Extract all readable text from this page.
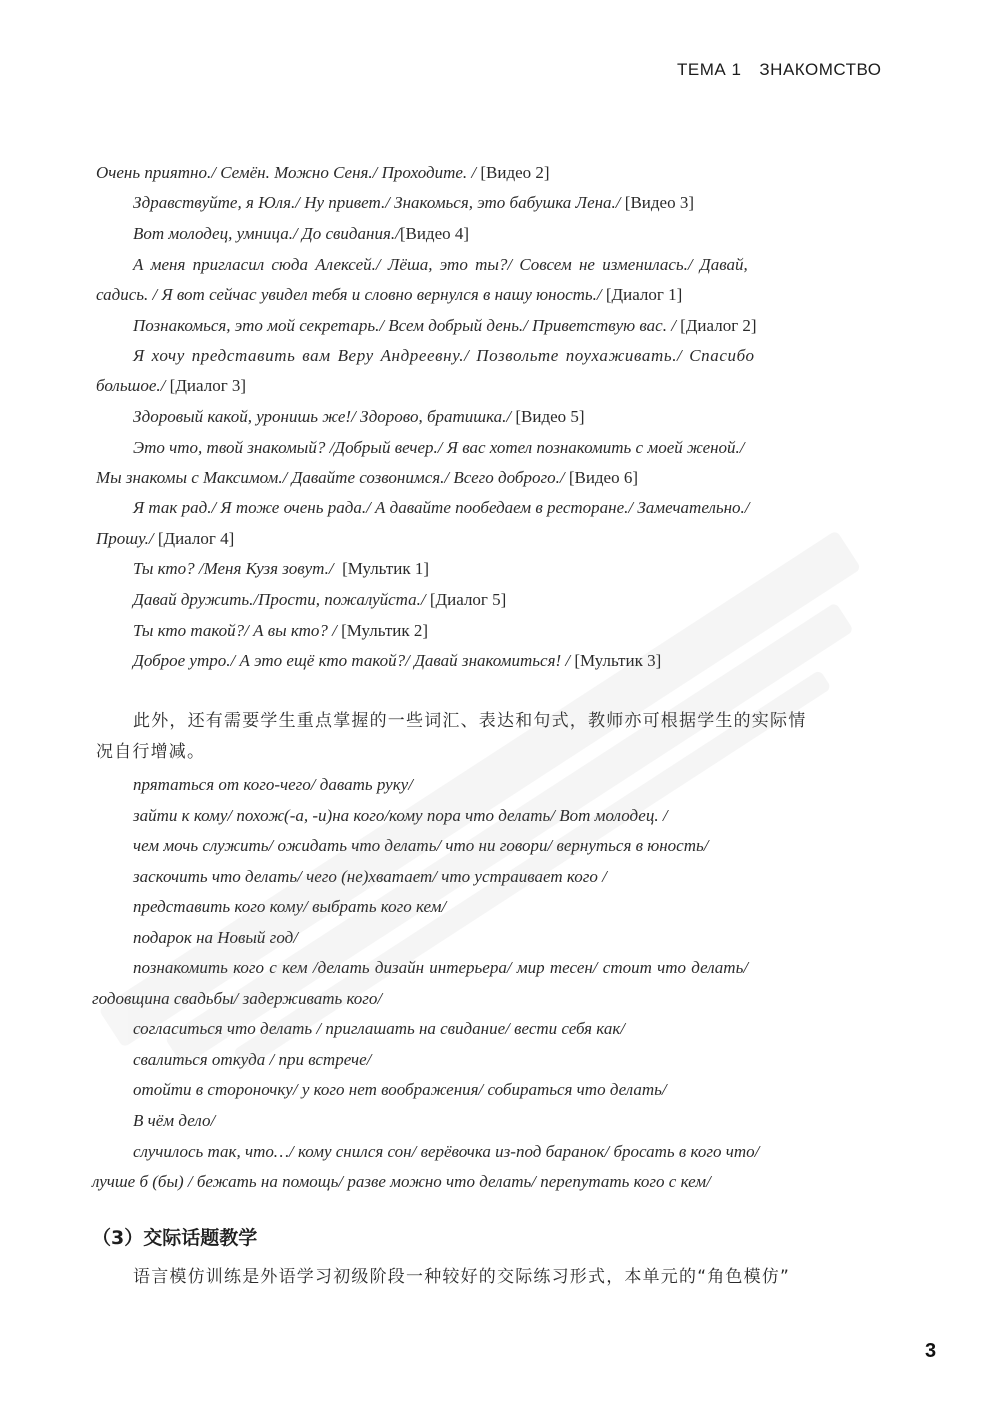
ТЕМА 1 ЗНАКОМСТВО
Очень приятно./ Семён. Можно Сеня./ Проходите. / [Видео 2]
Здравствуйте, я Юля./ Ну привет./ Знакомься, это бабушка Лена./ [Видео 3]
Вот молодец, умница./ До свидания./[Видео 4]
А меня пригласил сюда Алексей./ Лёша, это ты?/ Совсем не изменилась./ Давай,
садись. / Я вот сейчас увидел тебя и словно вернулся в нашу юность./ [Диалог 1]
Познакомься, это мой секретарь./ Всем добрый день./ Приветствую вас. / [Диалог 2]
Я хочу представить вам Веру Андреевну./ Позвольте поухаживать./ Спасибо
большое./ [Диалог 3]
Здоровый какой, уронишь же!/ Здорово, братишка./ [Видео 5]
Это что, твой знакомый? /Добрый вечер./ Я вас хотел познакомить с моей женой./
Мы знакомы с Максимом./ Давайте созвонимся./ Всего доброго./ [Видео 6]
Я так рад./ Я тоже очень рада./ А давайте пообедаем в ресторане./ Замечательно./
Прошу./ [Диалог 4]
Ты кто? /Меня Кузя зовут./ [Мультик 1]
Давай дружить./Прости, пожалуйста./ [Диалог 5]
Ты кто такой?/ А вы кто? / [Мультик 2]
Доброе утро./ А это ещё кто такой?/ Давай знакомиться! / [Мультик 3]
此外，还有需要学生重点掌握的一些词汇、表达和句式，教师亦可根据学生的实际情
况自行增减。
прятаться от кого-чего/ давать руку/
зайти к кому/ похож(-а, -и)на кого/кому пора что делать/ Вот молодец. /
чем мочь служить/ ожидать что делать/ что ни говори/ вернуться в юность/
заскочить что делать/ чего (не)хватает/ что устраивает кого /
представить кого кому/ выбрать кого кем/
подарок на Новый год/
познакомить кого с кем /делать дизайн интерьера/ мир тесен/ стоит что делать/
годовщина свадьбы/ задерживать кого/
согласиться что делать / приглашать на свидание/ вести себя как/
свалиться откуда / при встрече/
отойти в стороночку/ у кого нет воображения/ собираться что делать/
В чём дело/
случилось так, что…/ кому снился сон/ верёвочка из-под баранок/ бросать в кого что/
лучше б (бы) / бежать на помощь/ разве можно что делать/ перепутать кого с кем/
（3）交际话题教学
语言模仿训练是外语学习初级阶段一种较好的交际练习形式，本单元的“角色模仿”
3
